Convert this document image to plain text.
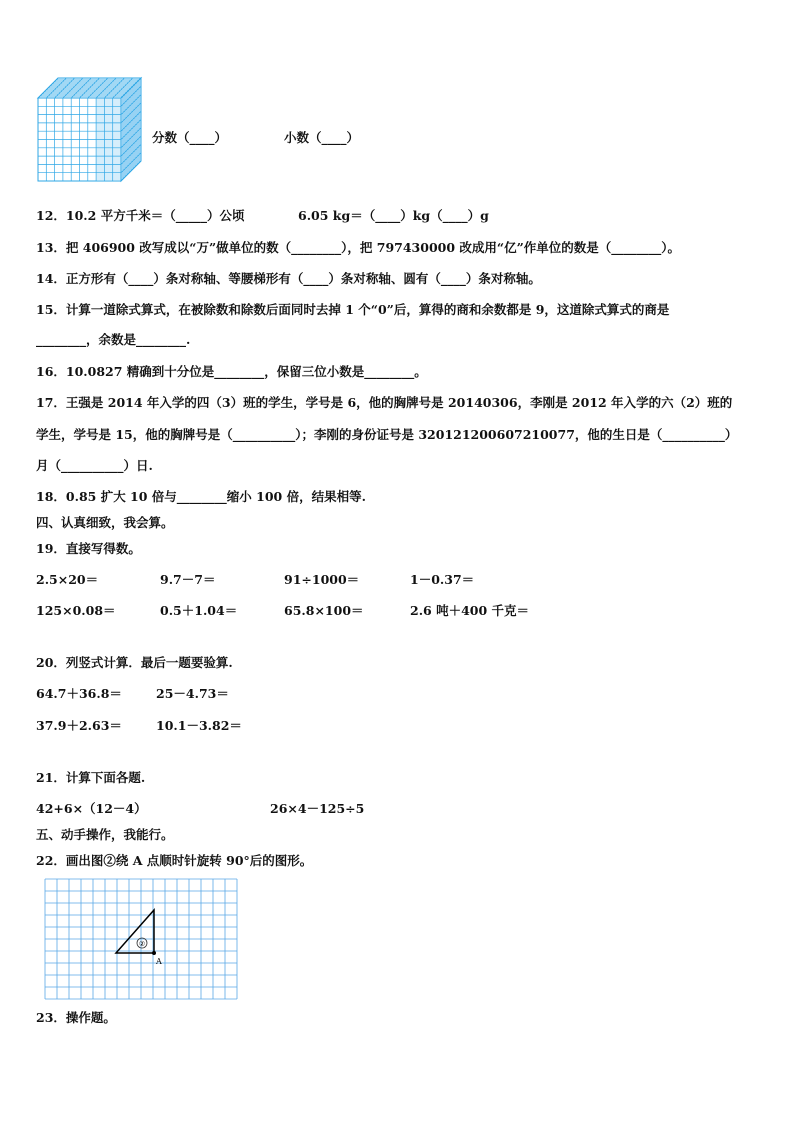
分数（____）	小数（____）
12．10.2 平方千米＝（_____）公顷	6.05 kg＝（____）kg（____）g
13．把 406900 改写成以“万”做单位的数（________），把 797430000 改成用“亿”作单位的数是（________）。
14．正方形有（____）条对称轴、等腰梯形有（____）条对称轴、圆有（____）条对称轴。
15．计算一道除式算式，在被除数和除数后面同时去掉 1 个“0”后，算得的商和余数都是 9，这道除式算式的商是
________，余数是________.
16．10.0827 精确到十分位是________，保留三位小数是________。
17．王强是 2014 年入学的四（3）班的学生，学号是 6，他的胸牌号是 20140306，李刚是 2012 年入学的六（2）班的
学生，学号是 15，他的胸牌号是（__________）；李刚的身份证号是 320121200607210077，他的生日是（__________）
月（__________）日.
18．0.85 扩大 10 倍与________缩小 100 倍，结果相等.
四、认真细致，我会算。
19．直接写得数。
2.5×20＝	9.7－7＝	91÷1000＝	1－0.37＝
125×0.08＝	0.5＋1.04＝	65.8×100＝	2.6 吨＋400 千克＝
20．列竖式计算．最后一题要验算.
64.7＋36.8＝	25－4.73＝
37.9＋2.63＝	10.1－3.82＝
21．计算下面各题.
42+6×（12－4）	26×4－125÷5
五、动手操作，我能行。
22．画出图②绕 A 点顺时针旋转 90°后的图形。
②
A
23．操作题。
